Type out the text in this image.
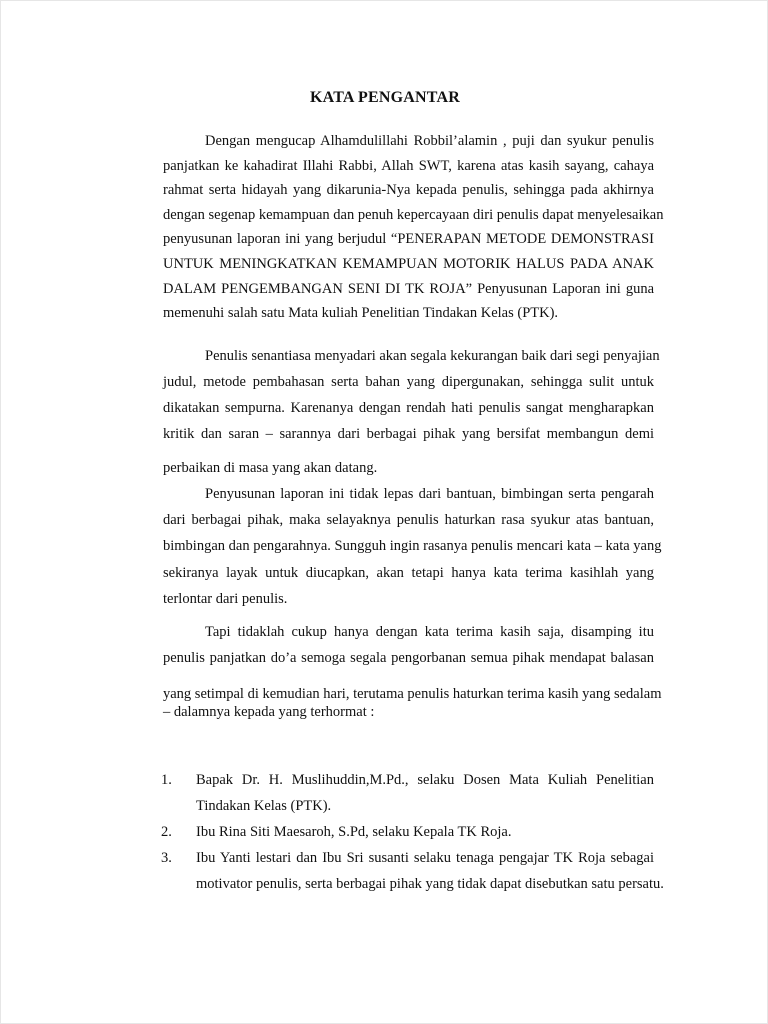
KATA PENGANTAR
Dengan mengucap Alhamdulillahi Robbil’alamin , puji dan syukur penulis
panjatkan ke kahadirat Illahi Rabbi, Allah SWT, karena atas kasih sayang, cahaya
rahmat serta hidayah yang dikarunia-Nya kepada penulis, sehingga pada akhirnya
dengan segenap kemampuan dan penuh kepercayaan diri penulis dapat menyelesaikan
penyusunan laporan ini yang berjudul “PENERAPAN METODE DEMONSTRASI
UNTUK MENINGKATKAN KEMAMPUAN MOTORIK HALUS PADA ANAK
DALAM PENGEMBANGAN SENI DI TK ROJA” Penyusunan Laporan ini guna
memenuhi salah satu Mata kuliah Penelitian Tindakan Kelas (PTK).
Penulis senantiasa menyadari akan segala kekurangan baik dari segi penyajian
judul, metode pembahasan serta bahan yang dipergunakan, sehingga sulit untuk
dikatakan sempurna. Karenanya dengan rendah hati penulis sangat mengharapkan
kritik dan saran – sarannya dari berbagai pihak yang bersifat membangun demi
perbaikan di masa yang akan datang.
Penyusunan laporan ini tidak lepas dari bantuan, bimbingan serta pengarah
dari berbagai pihak, maka selayaknya penulis haturkan rasa syukur atas bantuan,
bimbingan dan pengarahnya. Sungguh ingin rasanya penulis mencari kata – kata yang
sekiranya layak untuk diucapkan, akan tetapi hanya kata terima kasihlah yang
terlontar dari penulis.
Tapi tidaklah cukup hanya dengan kata terima kasih saja, disamping itu
penulis panjatkan do’a semoga segala pengorbanan semua pihak mendapat balasan
yang setimpal di kemudian hari, terutama penulis haturkan terima kasih yang sedalam
– dalamnya kepada yang terhormat :
1. Bapak Dr. H. Muslihuddin,M.Pd., selaku Dosen Mata Kuliah Penelitian
Tindakan Kelas (PTK).
2. Ibu Rina Siti Maesaroh, S.Pd, selaku Kepala TK Roja.
3. Ibu Yanti lestari dan Ibu Sri susanti selaku tenaga pengajar TK Roja sebagai
motivator penulis, serta berbagai pihak yang tidak dapat disebutkan satu persatu.
